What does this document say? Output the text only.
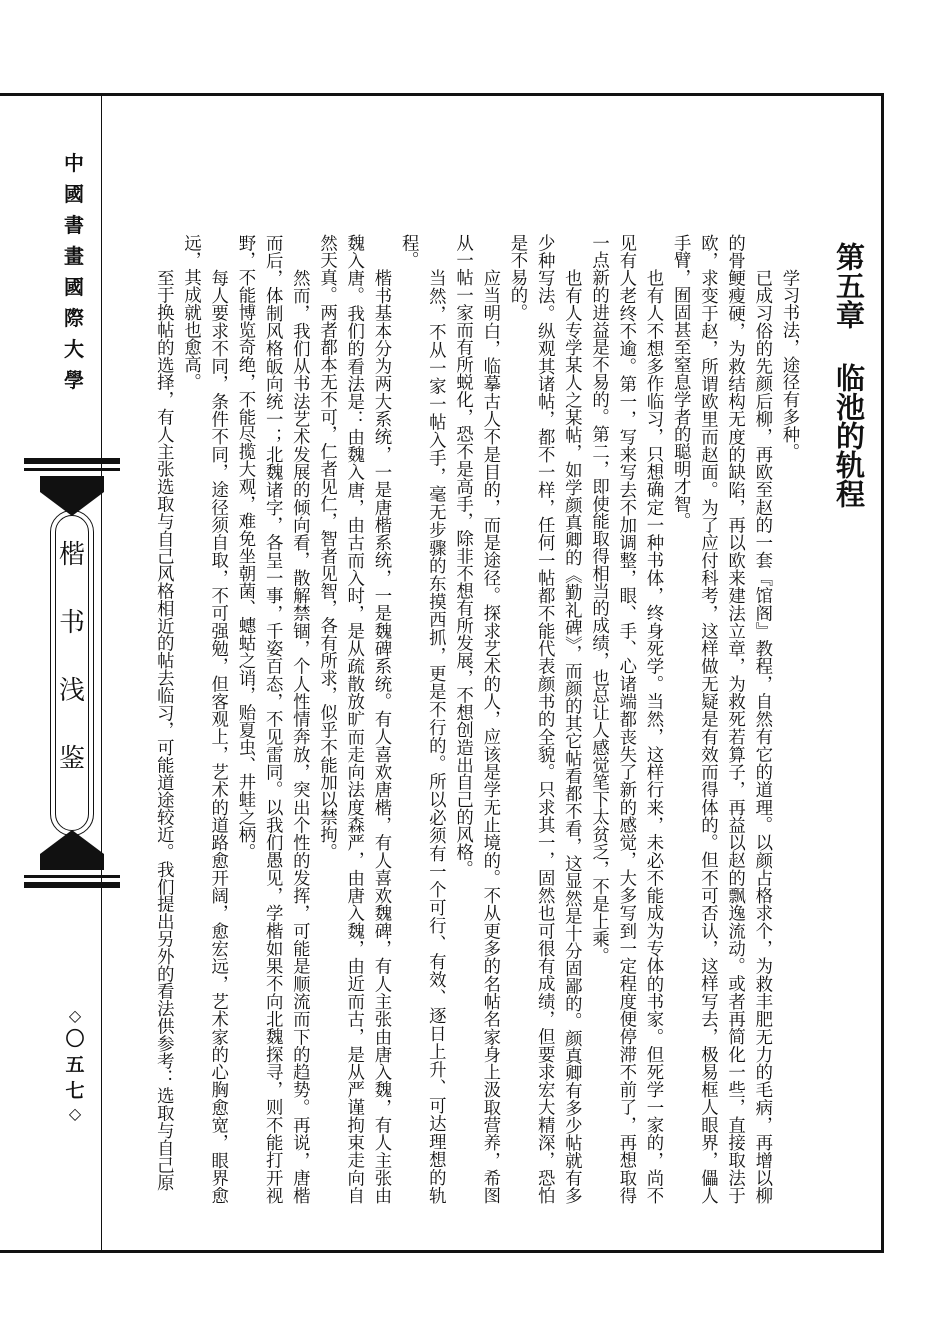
中
國
書
畫
國
際
大
學
楷
书
浅
鉴
◇
〇
五
七
◇
第五章临池的轨程

学习书法，途径有多种。

已成习俗的先颜后柳，再欧至赵的一套『馆阁』教程，自然有它的道理。以颜占格求个，为救丰肥无力的毛病，再增以柳的骨鲠瘦硬，为救结构无度的缺陷，再以欧来建法立章，为救死若算子，再益以赵的飘逸流动。或者再简化一些，直接取法于欧，求变于赵，所谓欧里而赵面。为了应付科考，这样做无疑是有效而得体的。但不可否认，这样写去，极易框人眼界，儡人手臂，囿固甚至窒息学者的聪明才智。

也有人不想多作临习，只想确定一种书体，终身死学。当然，这样行来，未必不能成为专体的书家。但死学一家的，尚不见有人老终不逾。第一，写来写去不加调整，眼、手、心诸端都丧失了新的感觉，大多写到一定程度便停滞不前了，再想取得一点新的进益是不易的。第二，即使能取得相当的成绩，也总让人感觉笔下太贫乏，不是上乘。

也有人专学某人之某帖，如学颜真卿的《勤礼碑》，而颜的其它帖看都不看，这显然是十分固鄙的。颜真卿有多少帖就有多少种写法。纵观其诸帖，都不一样，任何一帖都不能代表颜书的全貌。只求其一，固然也可很有成绩，但要求宏大精深，恐怕是不易的。

应当明白，临摹古人不是目的，而是途径。探求艺术的人，应该是学无止境的。不从更多的名帖名家身上汲取营养，希图从一帖一家而有所蜕化，恐不是高手，除非不想有所发展，不想创造出自己的风格。

当然，不从一家一帖入手，毫无步骤的东摸西抓，更是不行的。所以必须有一个可行、有效、逐日上升、可达理想的轨程。

楷书基本分为两大系统，一是唐楷系统，一是魏碑系统。有人喜欢唐楷，有人喜欢魏碑，有人主张由唐入魏，有人主张由魏入唐。我们的看法是：由魏入唐，由古而入时，是从疏散放旷而走向法度森严，由唐入魏，由近而古，是从严谨拘束走向自然天真。两者都本无不可，仁者见仁，智者见智，各有所求，似乎不能加以禁拘。

然而，我们从书法艺术发展的倾向看，散解禁锢，个人性情奔放，突出个性的发挥，可能是顺流而下的趋势。再说，唐楷而后，体制风格皈向统一；北魏诸字，各呈一事，千姿百态，不见雷同。以我们愚见，学楷如果不向北魏探寻，则不能打开视野，不能博览奇绝，不能尽揽大观，难免坐朝菌、蟪蛄之诮，贻夏虫、井蛙之柄。

每人要求不同，条件不同，途径须自取，不可强勉，但客观上，艺术的道路愈开阔，愈宏远，艺术家的心胸愈宽，眼界愈远，其成就也愈高。

至于换帖的选择，有人主张选取与自己风格相近的帖去临习，可能道途较近。我们提出另外的看法供参考：选取与自己原
